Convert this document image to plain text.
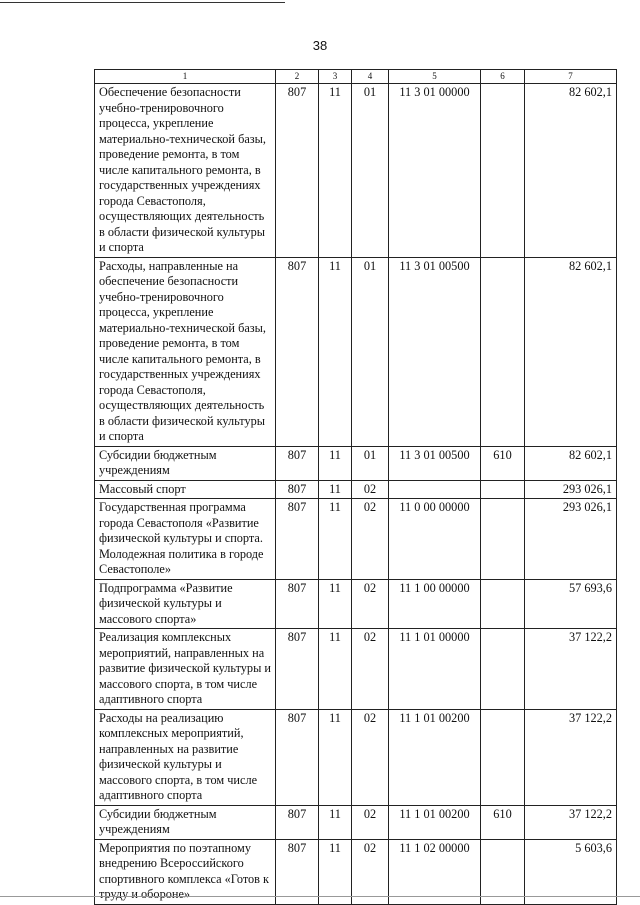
38
1	2	3	4	5	6	7
Обеспечение безопасности учебно-тренировочного процесса, укрепление материально-технической базы, проведение ремонта, в том числе капитального ремонта, в государственных учреждениях города Севастополя, осуществляющих деятельность в области физической культуры и спорта	807	11	01	11 3 01 00000		82 602,1
Расходы, направленные на обеспечение безопасности учебно-тренировочного процесса, укрепление материально-технической базы, проведение ремонта, в том числе капитального ремонта, в государственных учреждениях города Севастополя, осуществляющих деятельность в области физической культуры и спорта	807	11	01	11 3 01 00500		82 602,1
Субсидии бюджетным учреждениям	807	11	01	11 3 01 00500	610	82 602,1
Массовый спорт	807	11	02			293 026,1
Государственная программа города Севастополя «Развитие физической культуры и спорта. Молодежная политика в городе Севастополе»	807	11	02	11 0 00 00000		293 026,1
Подпрограмма «Развитие физической культуры и массового спорта»	807	11	02	11 1 00 00000		57 693,6
Реализация комплексных мероприятий, направленных на развитие физической культуры и массового спорта, в том числе адаптивного спорта	807	11	02	11 1 01 00000		37 122,2
Расходы на реализацию комплексных мероприятий, направленных на развитие физической культуры и массового спорта, в том числе адаптивного спорта	807	11	02	11 1 01 00200		37 122,2
Субсидии бюджетным учреждениям	807	11	02	11 1 01 00200	610	37 122,2
Мероприятия по поэтапному внедрению Всероссийского спортивного комплекса «Готов к труду и обороне»	807	11	02	11 1 02 00000		5 603,6
